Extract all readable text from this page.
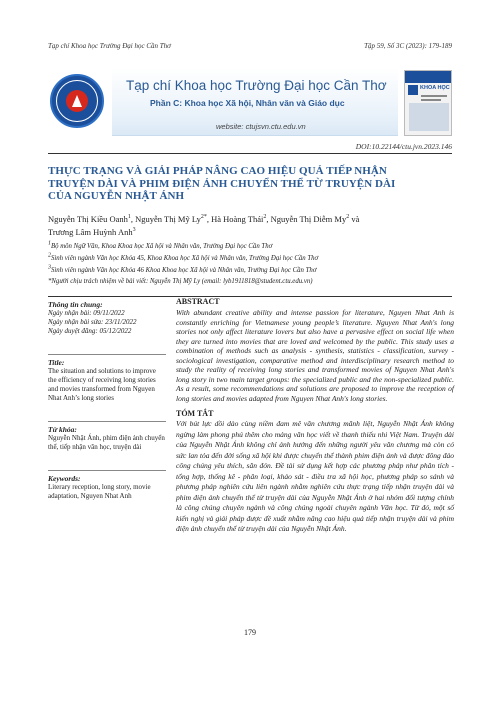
Tạp chí Khoa học Trường Đại học Cần Thơ	Tập 59, Số 3C (2023): 179-189
Tạp chí Khoa học Trường Đại học Cần Thơ
Phần C: Khoa học Xã hội, Nhân văn và Giáo dục
website: ctujsvn.ctu.edu.vn
KHOA HỌC
DOI:10.22144/ctu.jvn.2023.146
THỰC TRẠNG VÀ GIẢI PHÁP NÂNG CAO HIỆU QUẢ TIẾP NHẬN
TRUYỆN DÀI VÀ PHIM ĐIỆN ẢNH CHUYỂN THỂ TỪ TRUYỆN DÀI
CỦA NGUYỄN NHẬT ÁNH
Nguyễn Thị Kiều Oanh$^1$, Nguyễn Thị Mỹ $Ly^{2*}$, Hà Hoàng Thái$^2$, Nguyễn Thị Diễm My$^2$ và
Trương Lâm Huỳnh Anh$^3$
$^1$Bộ môn Ngữ Văn, Khoa Khoa học Xã hội và Nhân văn, Trường Đại học Cần Thơ
$^2$Sinh viên ngành Văn học Khóa 45, Khoa Khoa học Xã hội và Nhân văn, Trường Đại học Cần Thơ
$^3$Sinh viên ngành Văn học Khóa 46 Khoa Khoa học Xã hội và Nhân văn, Trường Đại học Cần Thơ
*Người chịu trách nhiệm về bài viết: Nguyễn Thị Mỹ Ly (email: lyb1911818@student.ctu.edu.vn)
Thông tin chung:
Ngày nhận bài: 09/11/2022
Ngày nhận bài sửa: 23/11/2022
Ngày duyệt đăng: 05/12/2022
Title:
The situation and solutions to improve the efficiency of receiving long stories and movies transformed from Nguyen Nhat Anh’s long stories
Từ khóa:
Nguyễn Nhật Ánh, phim điện ảnh chuyển thể, tiếp nhận văn học, truyện dài
Keywords:
Literary reception, long story, movie adaptation, Nguyen Nhat Anh
ABSTRACT
With abundant creative ability and intense passion for literature, Nguyen Nhat Anh is constantly enriching for Vietnamese young people’s literature. Nguyen Nhat Anh's long stories not only affect literature lovers but also have a pervasive effect on social life when they are turned into movies that are loved and welcomed by the public. This study uses a combination of methods such as analysis - synthesis, statistics - classification, survey - sociological investigation, comparative method and interdisciplinary research method to study the reality of receiving long stories and transformed movies of Nguyen Nhat Anh's long story in two main target groups: the specialized public and the non-specialized public. As a result, some recommendations and solutions are proposed to improve the reception of long stories and movies adapted from Nguyen Nhat Anh's long stories.
TÓM TẮT
Với bút lực dồi dào cùng niềm đam mê văn chương mãnh liệt, Nguyễn Nhật Ánh không ngừng làm phong phú thêm cho mảng văn học viết về thanh thiếu nhi Việt Nam. Truyện dài của Nguyễn Nhật Ánh không chỉ ảnh hưởng đến những người yêu văn chương mà còn có sức lan tỏa đến đời sống xã hội khi được chuyển thể thành phim điện ảnh và được đông đảo công chúng yêu thích, săn đón. Đề tài sử dụng kết hợp các phương pháp như phân tích - tổng hợp, thống kê - phân loại, khảo sát - điều tra xã hội học, phương pháp so sánh và phương pháp nghiên cứu liên ngành nhằm nghiên cứu thực trạng tiếp nhận truyện dài và phim điện ảnh chuyển thể từ truyện dài của Nguyễn Nhật Ánh ở hai nhóm đối tượng chính là công chúng chuyên ngành và công chúng ngoài chuyên ngành Văn học. Từ đó, một số kiến nghị và giải pháp được đề xuất nhằm nâng cao hiệu quả tiếp nhận truyện dài và phim điện ảnh chuyển thể từ truyện dài của Nguyễn Nhật Ánh.
179
